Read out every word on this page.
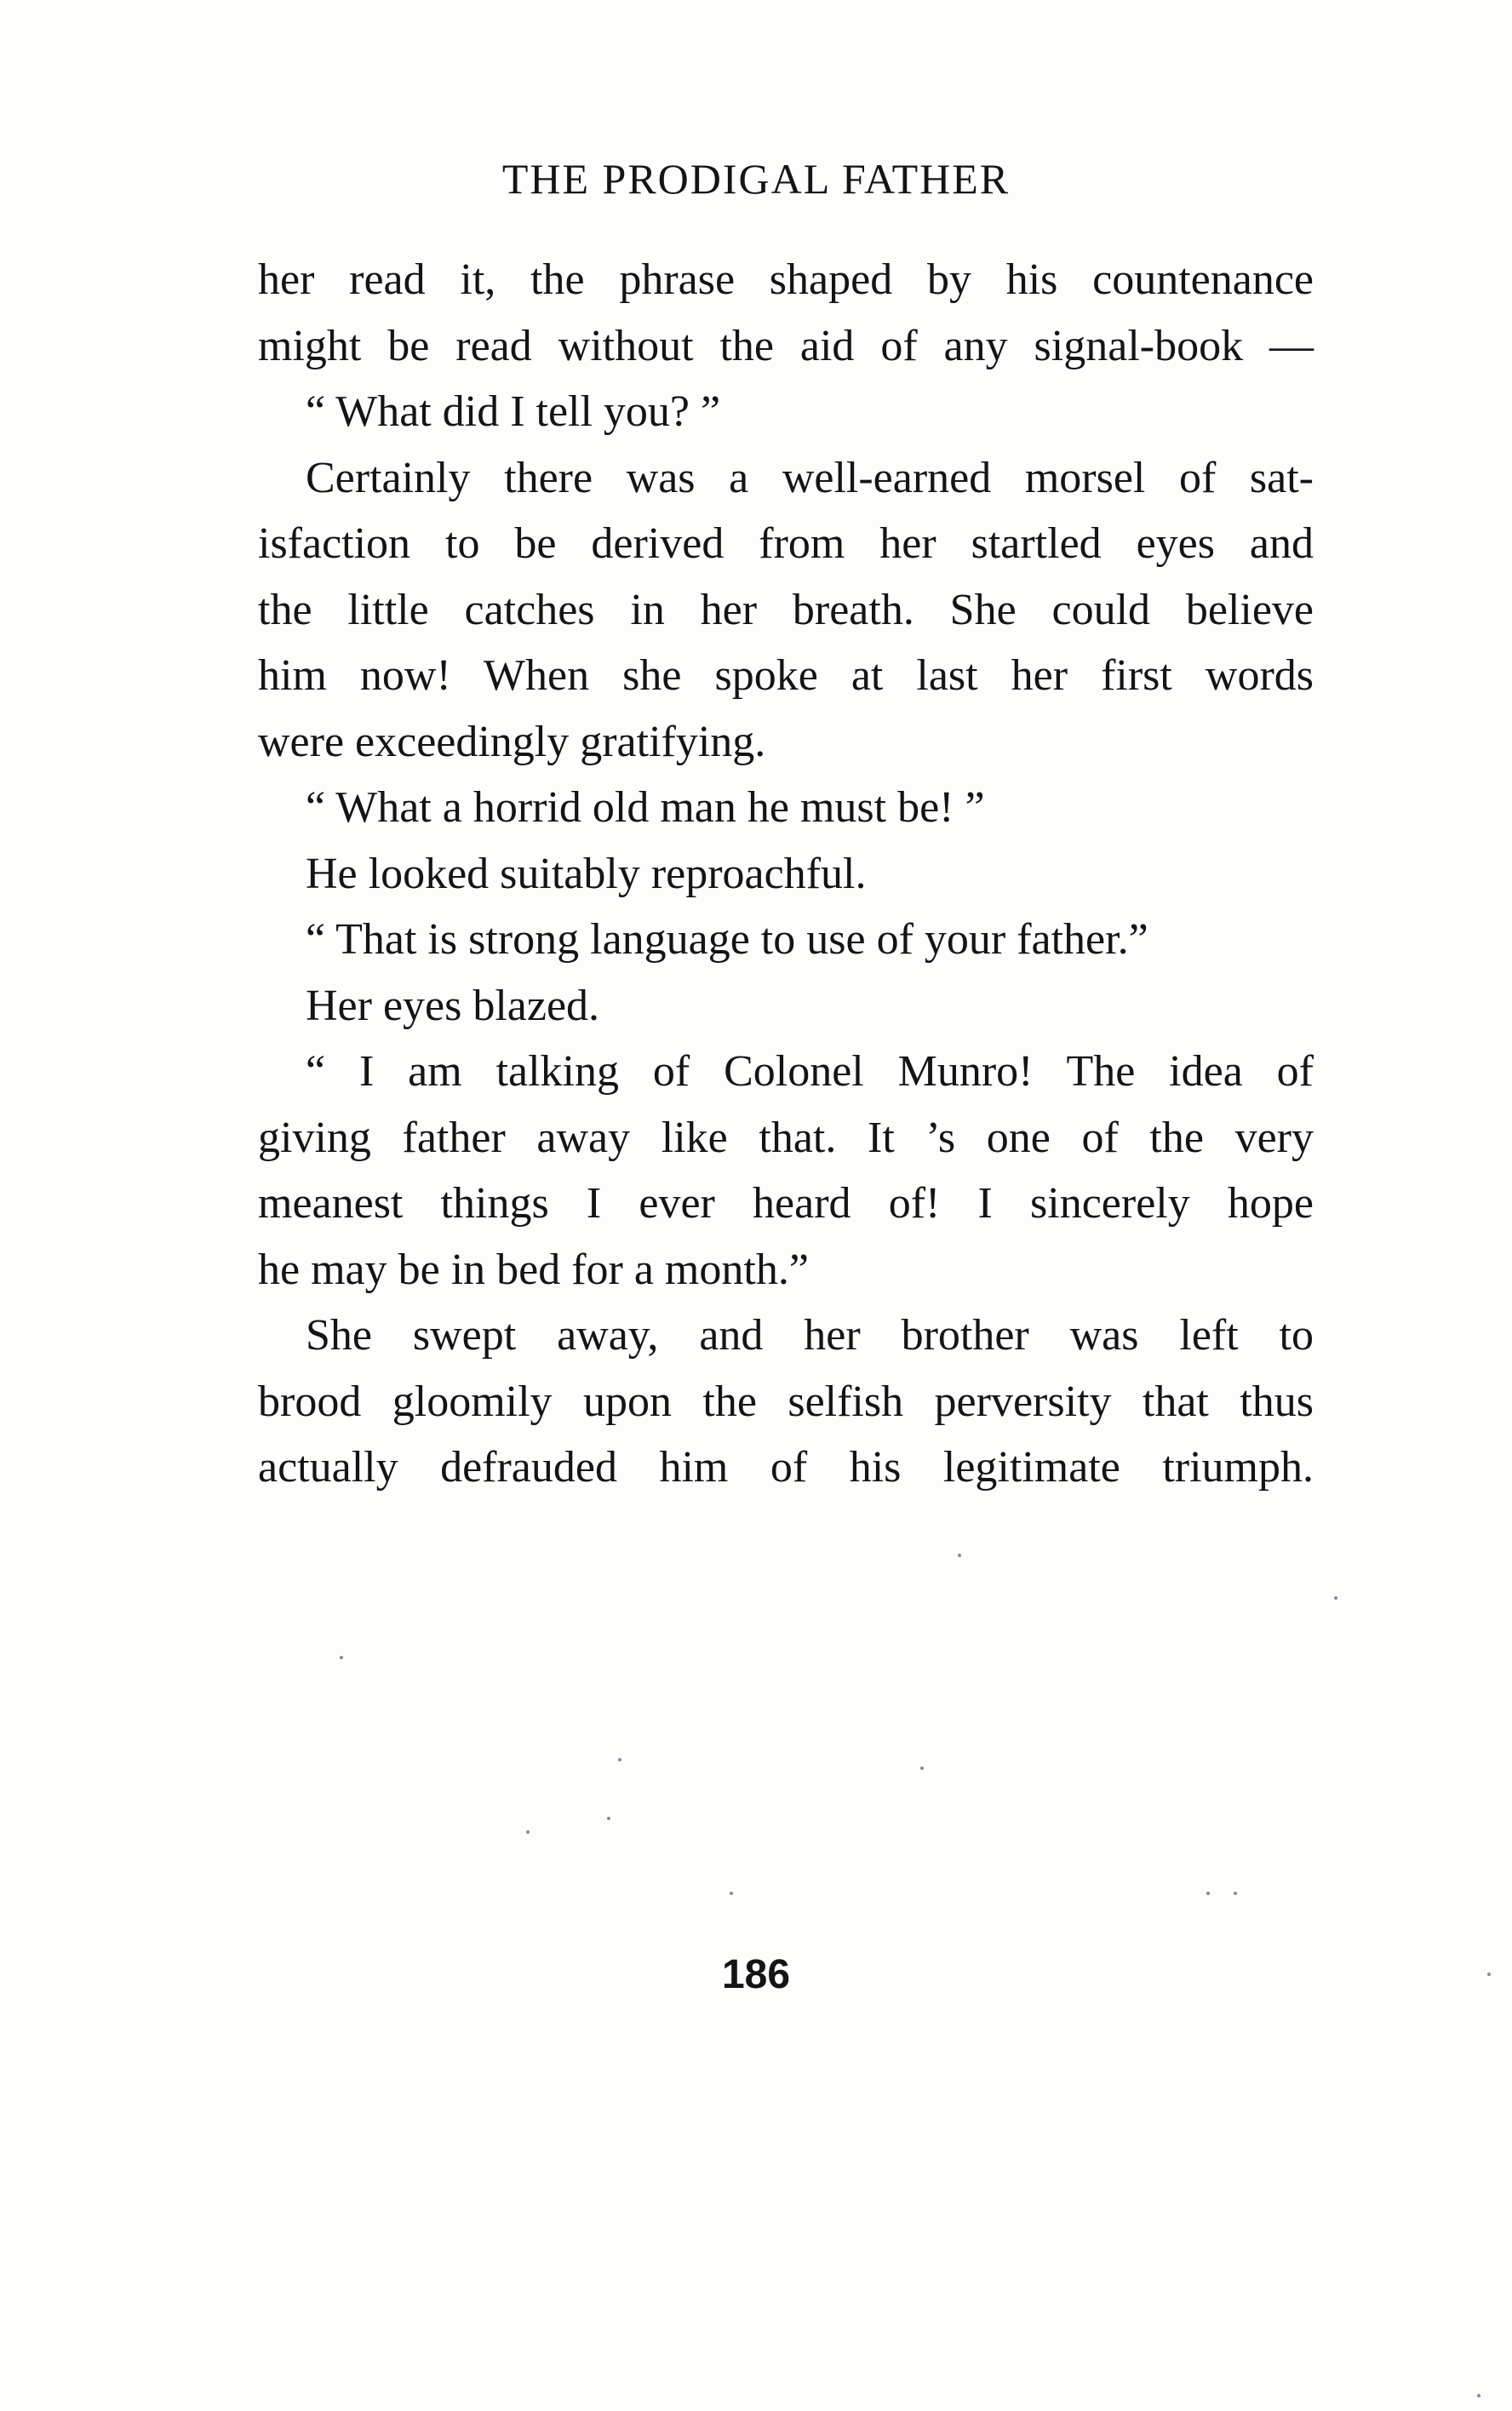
THE PRODIGAL FATHER
her read it, the phrase shaped by his countenance
might be read without the aid of any signal-book —
“ What did I tell you? ”
Certainly there was a well-earned morsel of sat-
isfaction to be derived from her startled eyes and
the little catches in her breath. She could believe
him now! When she spoke at last her first words
were exceedingly gratifying.
“ What a horrid old man he must be! ”
He looked suitably reproachful.
“ That is strong language to use of your father.”
Her eyes blazed.
“ I am talking of Colonel Munro! The idea of
giving father away like that. It ’s one of the very
meanest things I ever heard of! I sincerely hope
he may be in bed for a month.”
She swept away, and her brother was left to
brood gloomily upon the selfish perversity that thus
actually defrauded him of his legitimate triumph.
186
